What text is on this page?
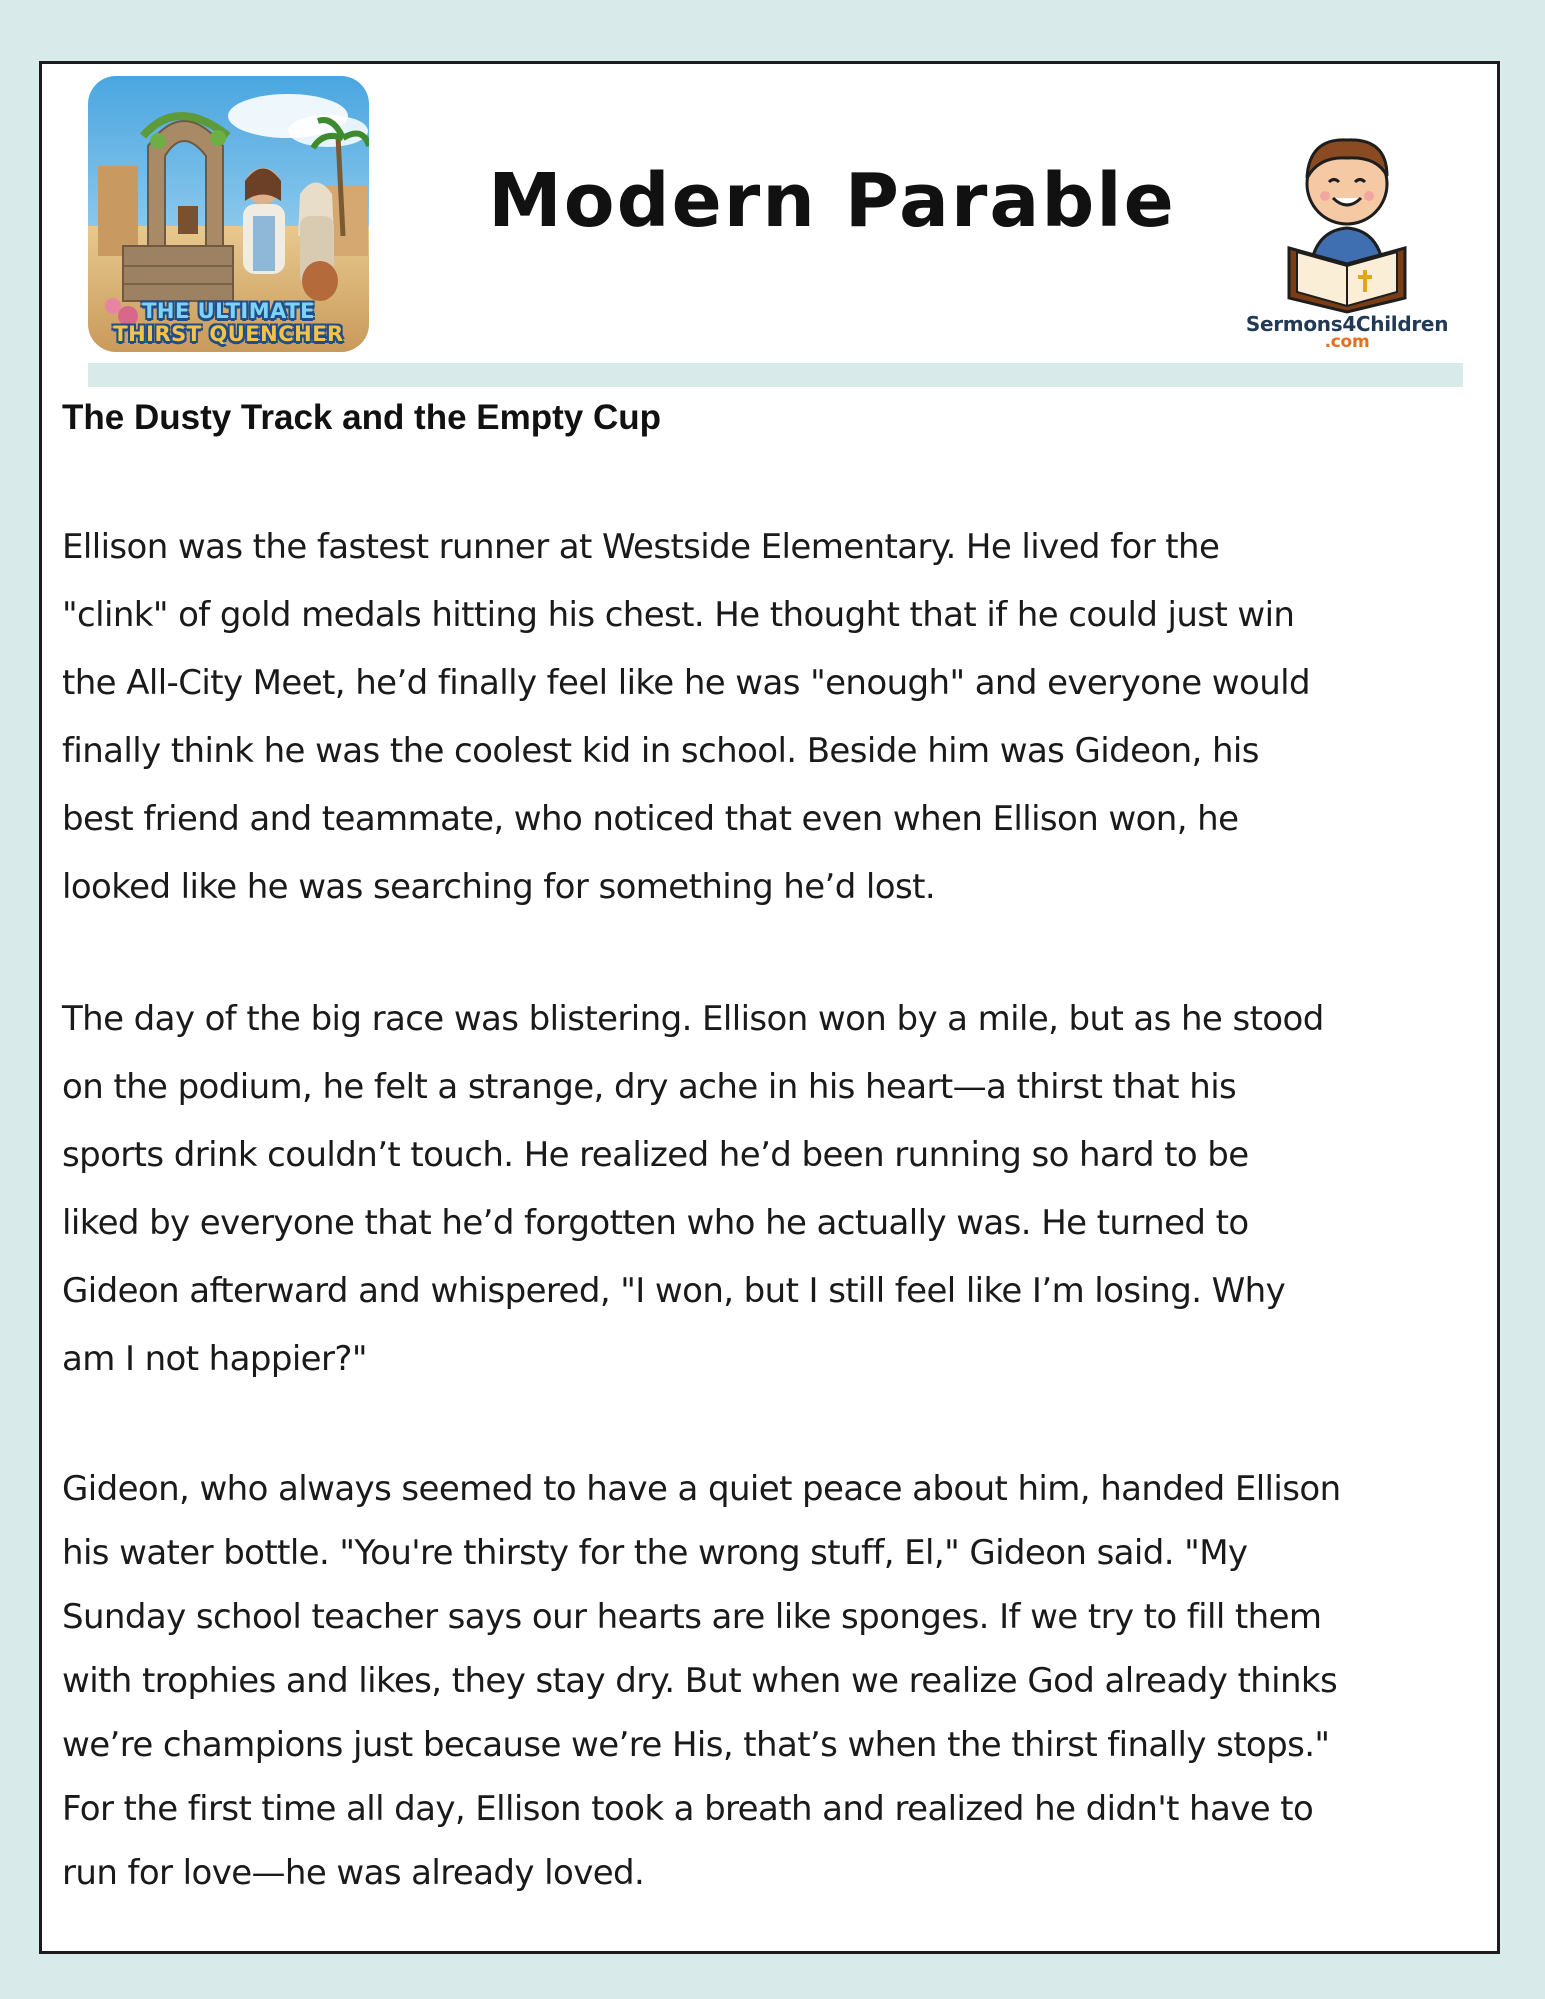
THE ULTIMATE
THIRST QUENCHER
Modern Parable
Sermons4Children
.com
The Dusty Track and the Empty Cup

Ellison was the fastest runner at Westside Elementary. He lived for the
"clink" of gold medals hitting his chest. He thought that if he could just win
the All-City Meet, he’d finally feel like he was "enough" and everyone would
finally think he was the coolest kid in school. Beside him was Gideon, his
best friend and teammate, who noticed that even when Ellison won, he
looked like he was searching for something he’d lost.

The day of the big race was blistering. Ellison won by a mile, but as he stood
on the podium, he felt a strange, dry ache in his heart—a thirst that his
sports drink couldn’t touch. He realized he’d been running so hard to be
liked by everyone that he’d forgotten who he actually was. He turned to
Gideon afterward and whispered, "I won, but I still feel like I’m losing. Why
am I not happier?"

Gideon, who always seemed to have a quiet peace about him, handed Ellison
his water bottle. "You're thirsty for the wrong stuff, El," Gideon said. "My
Sunday school teacher says our hearts are like sponges. If we try to fill them
with trophies and likes, they stay dry. But when we realize God already thinks
we’re champions just because we’re His, that’s when the thirst finally stops."
For the first time all day, Ellison took a breath and realized he didn't have to
run for love—he was already loved.
